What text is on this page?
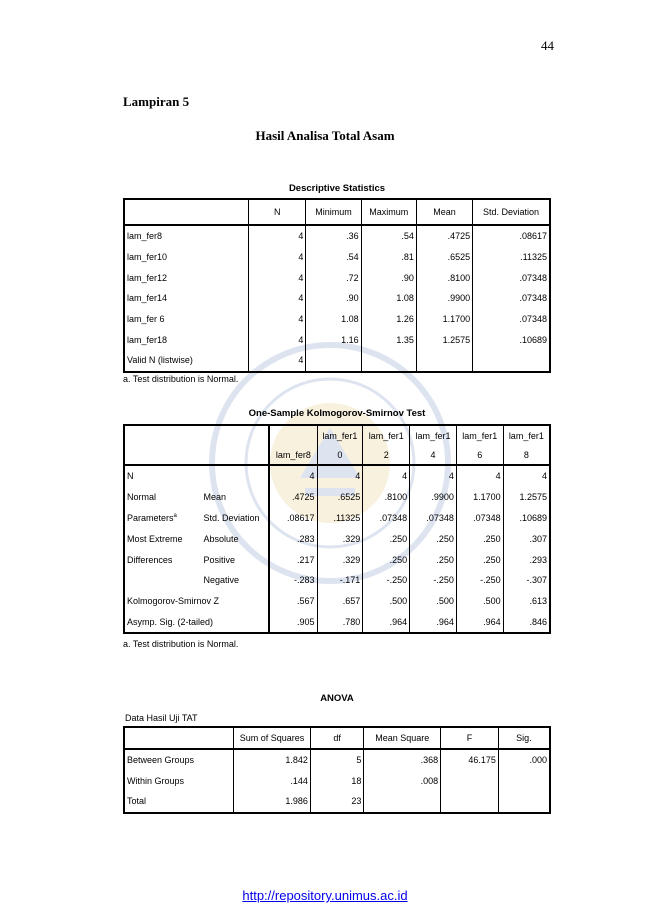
44
Lampiran 5
Hasil Analisa Total Asam
Descriptive Statistics
	N	Minimum	Maximum	Mean	Std. Deviation
lam_fer8	4	.36	.54	.4725	.08617
lam_fer10	4	.54	.81	.6525	.11325
lam_fer12	4	.72	.90	.8100	.07348
lam_fer14	4	.90	1.08	.9900	.07348
lam_fer 6	4	1.08	1.26	1.1700	.07348
lam_fer18	4	1.16	1.35	1.2575	.10689
Valid N (listwise)	4				
a. Test distribution is Normal.
One-Sample Kolmogorov-Smirnov Test
			lam_fer1	lam_fer1	lam_fer1	lam_fer1	lam_fer1
		lam_fer8	0	2	4	6	8
N		4	4	4	4	4	4
Normal	Mean	.4725	.6525	.8100	.9900	1.1700	1.2575
Parameters$^a$	Std. Deviation	.08617	.11325	.07348	.07348	.07348	.10689
Most Extreme	Absolute	.283	.329	.250	.250	.250	.307
Differences	Positive	.217	.329	.250	.250	.250	.293
	Negative	-.283	-.171	-.250	-.250	-.250	-.307
Kolmogorov-Smirnov Z		.567	.657	.500	.500	.500	.613
Asymp. Sig. (2-tailed)		.905	.780	.964	.964	.964	.846
a. Test distribution is Normal.
ANOVA
Data Hasil Uji TAT
	Sum of Squares	df	Mean Square	F	Sig.
Between Groups	1.842	5	.368	46.175	.000
Within Groups	.144	18	.008		
Total	1.986	23			
http://repository.unimus.ac.id
